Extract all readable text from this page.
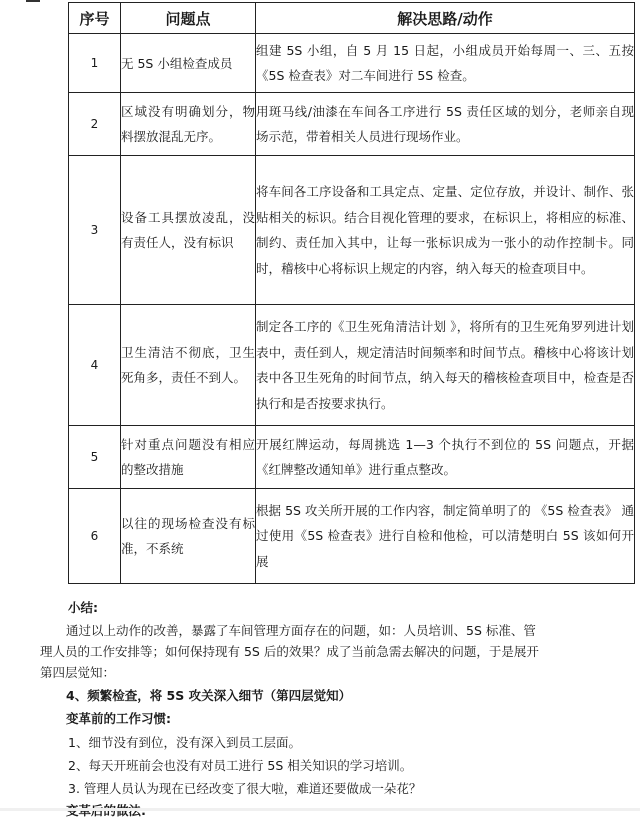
序号	问题点	解决思路/动作
1	无 5S 小组检查成员	组建 5S 小组，自 5 月 15 日起，小组成员开始每周一、三、五按《5S 检查表》对二车间进行 5S 检查。
2	区域没有明确划分，物料摆放混乱无序。	用斑马线/油漆在车间各工序进行 5S 责任区域的划分，老师亲自现场示范，带着相关人员进行现场作业。
3	设备工具摆放凌乱，没有责任人，没有标识	将车间各工序设备和工具定点、定量、定位存放，并设计、制作、张贴相关的标识。结合目视化管理的要求，在标识上，将相应的标准、制约、责任加入其中，让每一张标识成为一张小的动作控制卡。同时，稽核中心将标识上规定的内容，纳入每天的检查项目中。
4	卫生清洁不彻底，卫生死角多，责任不到人。	制定各工序的《卫生死角清洁计划 》，将所有的卫生死角罗列进计划表中，责任到人，规定清洁时间频率和时间节点。稽核中心将该计划表中各卫生死角的时间节点，纳入每天的稽核检查项目中，检查是否执行和是否按要求执行。
5	针对重点问题没有相应的整改措施	开展红牌运动，每周挑选 1—3 个执行不到位的 5S 问题点，开据《红牌整改通知单》进行重点整改。
6	以往的现场检查没有标准，不系统	根据 5S 攻关所开展的工作内容，制定简单明了的 《5S 检查表》 通过使用《5S 检查表》进行自检和他检，可以清楚明白 5S 该如何开展
小结:
通过以上动作的改善，暴露了车间管理方面存在的问题，如：人员培训、5S 标准、管
理人员的工作安排等；如何保持现有 5S 后的效果？成了当前急需去解决的问题，于是展开
第四层觉知：
4、频繁检查，将 5S 攻关深入细节（第四层觉知）
变革前的工作习惯:
1、细节没有到位，没有深入到员工层面。
2、每天开班前会也没有对员工进行 5S 相关知识的学习培训。
3. 管理人员认为现在已经改变了很大啦，难道还要做成一朵花？
